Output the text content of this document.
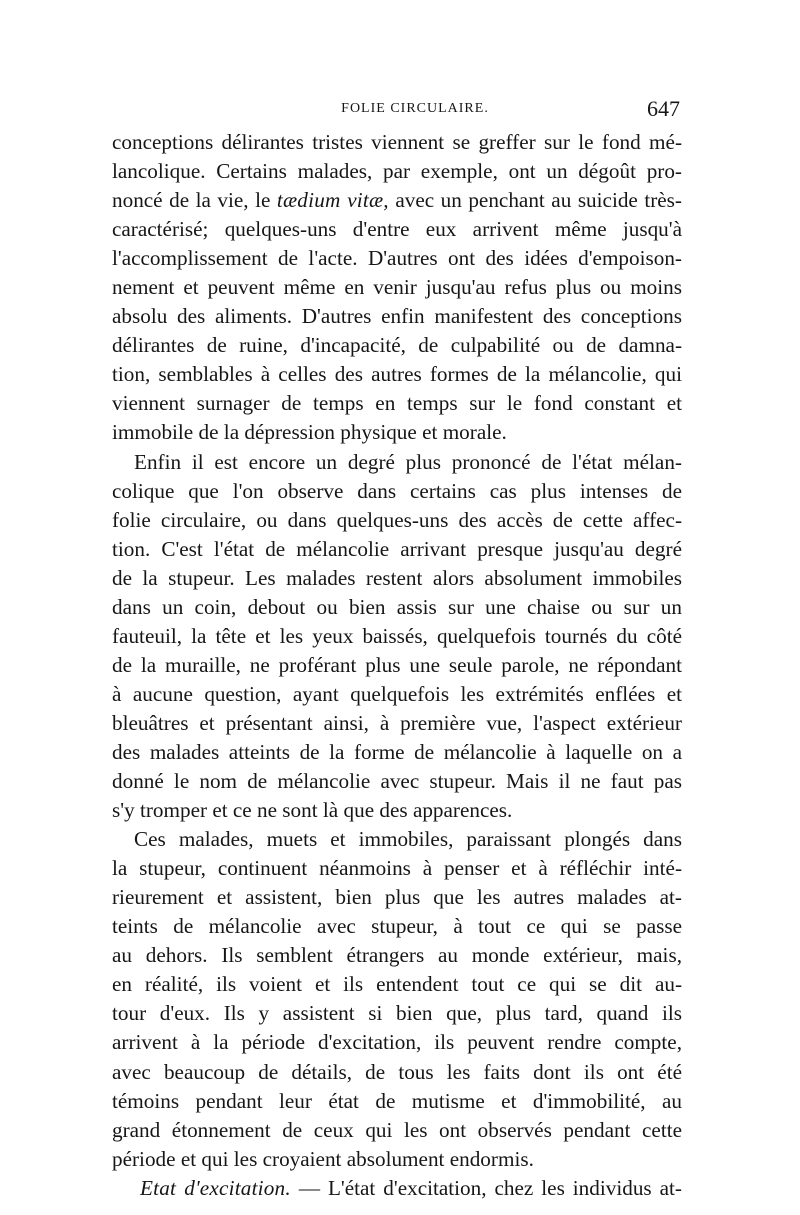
FOLIE CIRCULAIRE.	647
conceptions délirantes tristes viennent se greffer sur le fond mé-
lancolique. Certains malades, par exemple, ont un dégoût pro-
noncé de la vie, le tædium vitæ, avec un penchant au suicide très-
caractérisé; quelques-uns d'entre eux arrivent même jusqu'à
l'accomplissement de l'acte. D'autres ont des idées d'empoison-
nement et peuvent même en venir jusqu'au refus plus ou moins
absolu des aliments. D'autres enfin manifestent des conceptions
délirantes de ruine, d'incapacité, de culpabilité ou de damna-
tion, semblables à celles des autres formes de la mélancolie, qui
viennent surnager de temps en temps sur le fond constant et
immobile de la dépression physique et morale.
Enfin il est encore un degré plus prononcé de l'état mélan-
colique que l'on observe dans certains cas plus intenses de
folie circulaire, ou dans quelques-uns des accès de cette affec-
tion. C'est l'état de mélancolie arrivant presque jusqu'au degré
de la stupeur. Les malades restent alors absolument immobiles
dans un coin, debout ou bien assis sur une chaise ou sur un
fauteuil, la tête et les yeux baissés, quelquefois tournés du côté
de la muraille, ne proférant plus une seule parole, ne répondant
à aucune question, ayant quelquefois les extrémités enflées et
bleuâtres et présentant ainsi, à première vue, l'aspect extérieur
des malades atteints de la forme de mélancolie à laquelle on a
donné le nom de mélancolie avec stupeur. Mais il ne faut pas
s'y tromper et ce ne sont là que des apparences.
Ces malades, muets et immobiles, paraissant plongés dans
la stupeur, continuent néanmoins à penser et à réfléchir inté-
rieurement et assistent, bien plus que les autres malades at-
teints de mélancolie avec stupeur, à tout ce qui se passe
au dehors. Ils semblent étrangers au monde extérieur, mais,
en réalité, ils voient et ils entendent tout ce qui se dit au-
tour d'eux. Ils y assistent si bien que, plus tard, quand ils
arrivent à la période d'excitation, ils peuvent rendre compte,
avec beaucoup de détails, de tous les faits dont ils ont été
témoins pendant leur état de mutisme et d'immobilité, au
grand étonnement de ceux qui les ont observés pendant cette
période et qui les croyaient absolument endormis.
Etat d'excitation. — L'état d'excitation, chez les individus at-
